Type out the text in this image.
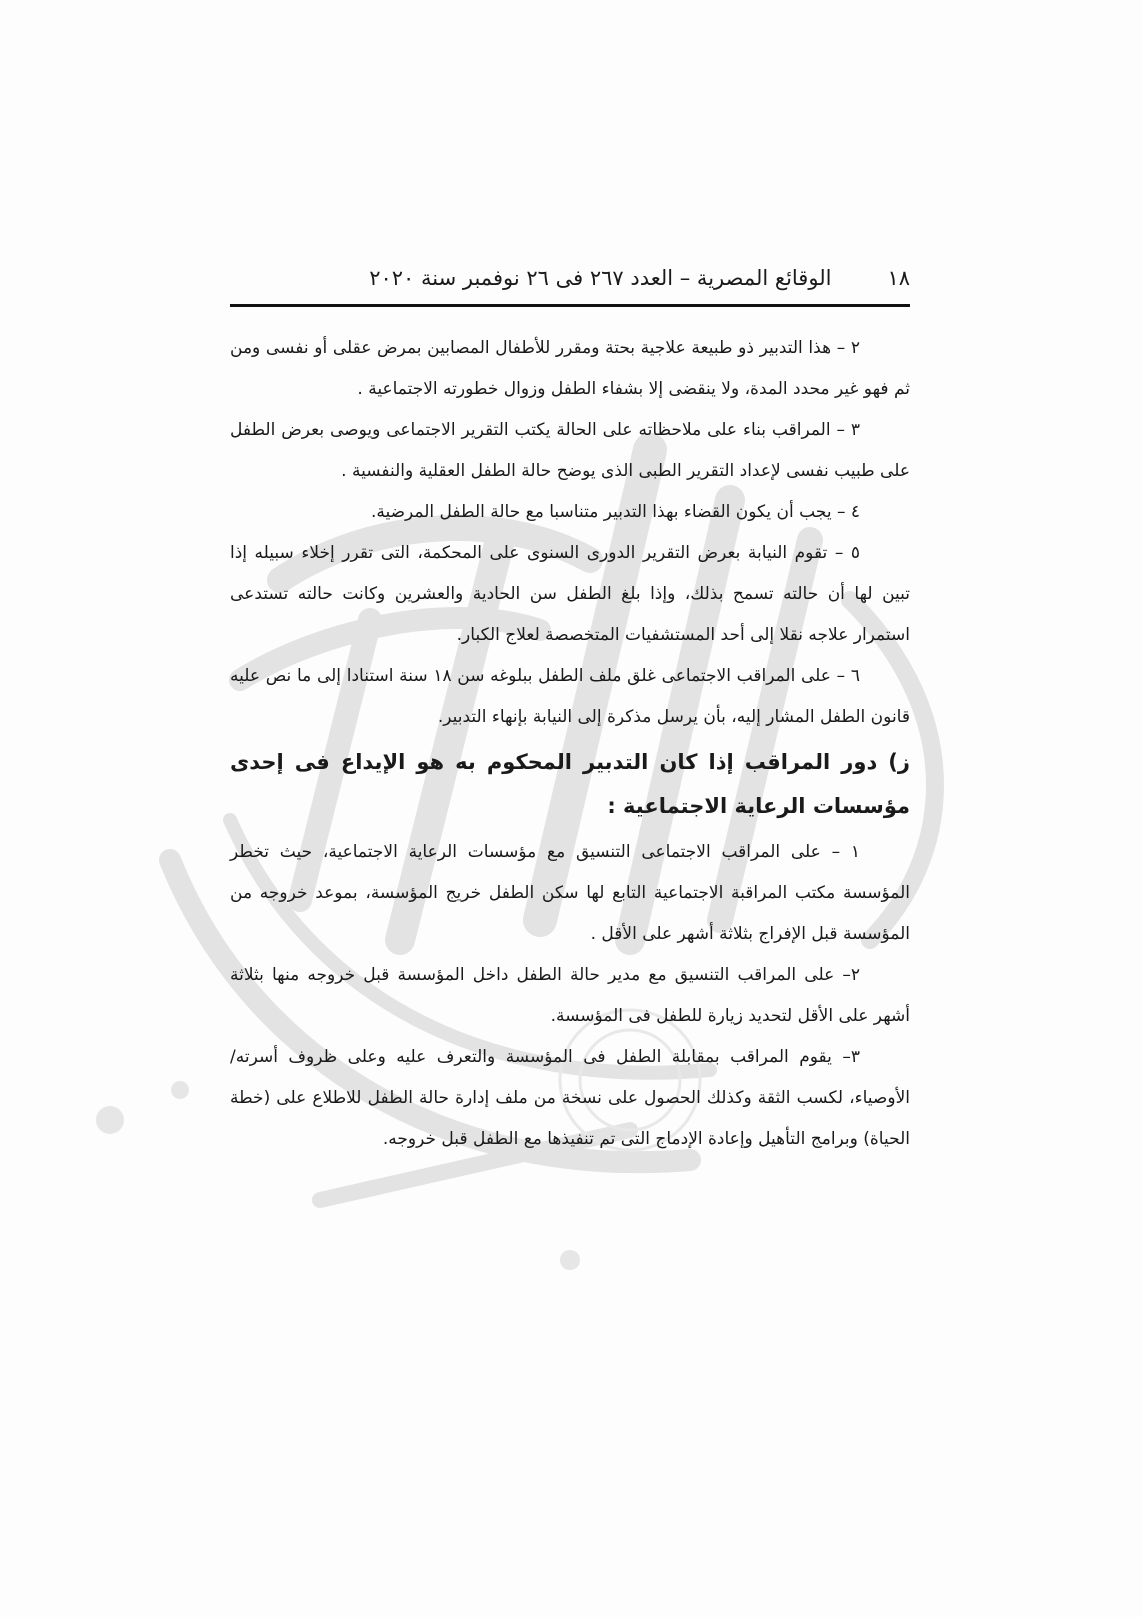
١٨
الوقائع المصرية – العدد ٢٦٧ فى ٢٦ نوفمبر سنة ٢٠٢٠

٢ – هذا التدبير ذو طبيعة علاجية بحتة ومقرر للأطفال المصابين بمرض عقلى أو نفسى ومن ثم فهو غير محدد المدة، ولا ينقضى إلا بشفاء الطفل وزوال خطورته الاجتماعية .

٣ – المراقب بناء على ملاحظاته على الحالة يكتب التقرير الاجتماعى ويوصى بعرض الطفل على طبيب نفسى لإعداد التقرير الطبى الذى يوضح حالة الطفل العقلية والنفسية .

٤ – يجب أن يكون القضاء بهذا التدبير متناسبا مع حالة الطفل المرضية.

٥ – تقوم النيابة بعرض التقرير الدورى السنوى على المحكمة، التى تقرر إخلاء سبيله إذا تبين لها أن حالته تسمح بذلك، وإذا بلغ الطفل سن الحادية والعشرين وكانت حالته تستدعى استمرار علاجه نقلا إلى أحد المستشفيات المتخصصة لعلاج الكبار.

٦ – على المراقب الاجتماعى غلق ملف الطفل ببلوغه سن ١٨ سنة استنادا إلى ما نص عليه قانون الطفل المشار إليه، بأن يرسل مذكرة إلى النيابة بإنهاء التدبير.

ز) دور المراقب إذا كان التدبير المحكوم به هو الإيداع فى إحدى مؤسسات الرعاية الاجتماعية :

١ – على المراقب الاجتماعى التنسيق مع مؤسسات الرعاية الاجتماعية، حيث تخطر المؤسسة مكتب المراقبة الاجتماعية التابع لها سكن الطفل خريج المؤسسة، بموعد خروجه من المؤسسة قبل الإفراج بثلاثة أشهر على الأقل .

٢– على المراقب التنسيق مع مدير حالة الطفل داخل المؤسسة قبل خروجه منها بثلاثة أشهر على الأقل لتحديد زيارة للطفل فى المؤسسة.

٣– يقوم المراقب بمقابلة الطفل فى المؤسسة والتعرف عليه وعلى ظروف أسرته/الأوصياء، لكسب الثقة وكذلك الحصول على نسخة من ملف إدارة حالة الطفل للاطلاع على (خطة الحياة) وبرامج التأهيل وإعادة الإدماج التى تم تنفيذها مع الطفل قبل خروجه.
